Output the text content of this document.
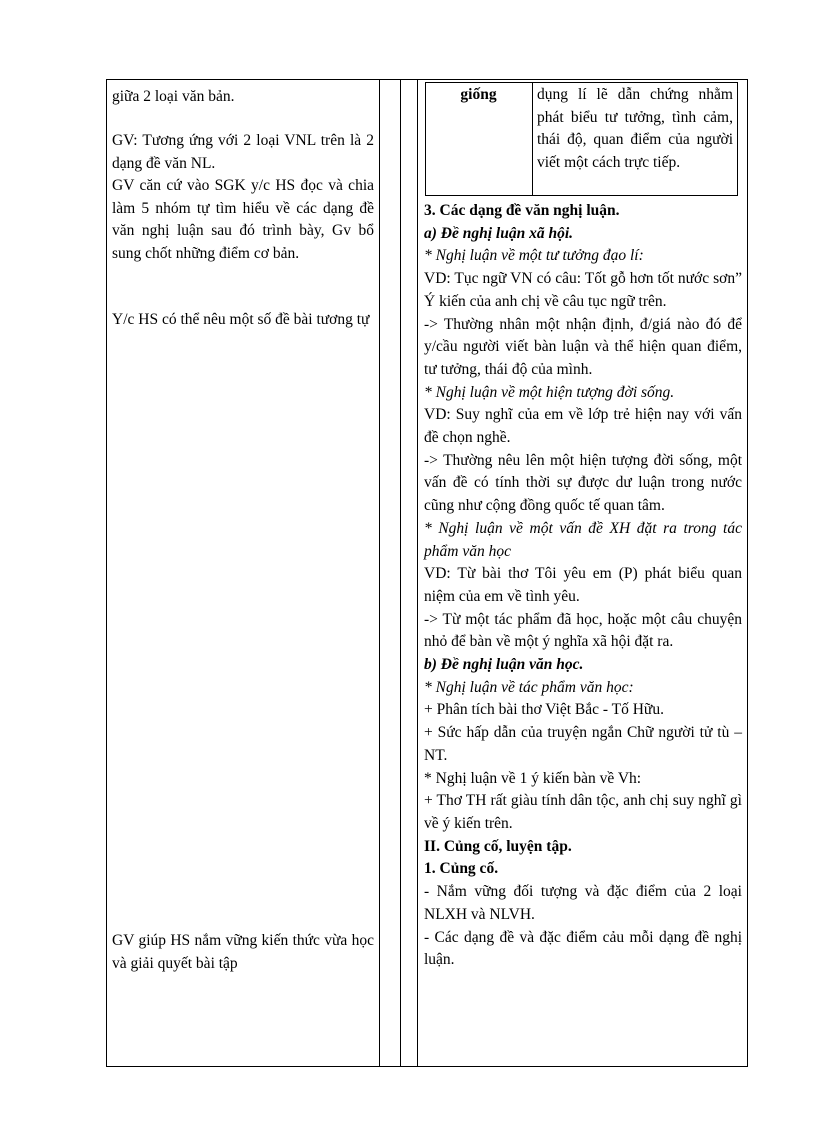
giữa 2 loại văn bản.

GV: Tương ứng với 2 loại VNL trên là 2 dạng đề văn NL.

GV căn cứ vào SGK y/c HS đọc và chia làm 5 nhóm tự tìm hiểu về các dạng đề văn nghị luận sau đó trình bày, Gv bổ sung chốt những điểm cơ bản.

Y/c HS có thể nêu một số đề bài tương tự

GV giúp HS nắm vững kiến thức vừa học và giải quyết bài tập

giống	dụng lí lẽ dẫn chứng nhằm phát biểu tư tưởng, tình cảm, thái độ, quan điểm của người viết một cách trực tiếp.

3. Các dạng đề văn nghị luận.

a) Đề nghị luận xã hội.

* Nghị luận về một tư tưởng đạo lí:

VD: Tục ngữ VN có câu: Tốt gỗ hơn tốt nước sơn” Ý kiến của anh chị về câu tục ngữ trên.

-> Thường nhân một nhận định, đ/giá nào đó để y/cầu người viết bàn luận và thể hiện quan điểm, tư tưởng, thái độ của mình.

* Nghị luận về một hiện tượng đời sống.

VD: Suy nghĩ của em về lớp trẻ hiện nay với vấn đề chọn nghề.

-> Thường nêu lên một hiện tượng đời sống, một vấn đề có tính thời sự được dư luận trong nước cũng như cộng đồng quốc tế quan tâm.

* Nghị luận về một vấn đề XH đặt ra trong tác phẩm văn học

VD: Từ bài thơ Tôi yêu em (P) phát biểu quan niệm của em về tình yêu.

-> Từ một tác phẩm đã học, hoặc một câu chuyện nhỏ để bàn về một ý nghĩa xã hội đặt ra.

b) Đề nghị luận văn học.

* Nghị luận về tác phẩm văn học:

+ Phân tích bài thơ Việt Bắc - Tố Hữu.

+ Sức hấp dẫn của truyện ngắn Chữ người tử tù – NT.

* Nghị luận về 1 ý kiến bàn về Vh:

+ Thơ TH rất giàu tính dân tộc, anh chị suy nghĩ gì về ý kiến trên.

II. Củng cố, luyện tập.

1. Củng cố.

- Nắm vững đối tượng và đặc điểm của 2 loại NLXH và NLVH.

- Các dạng đề và đặc điểm cảu mỗi dạng đề nghị luận.
